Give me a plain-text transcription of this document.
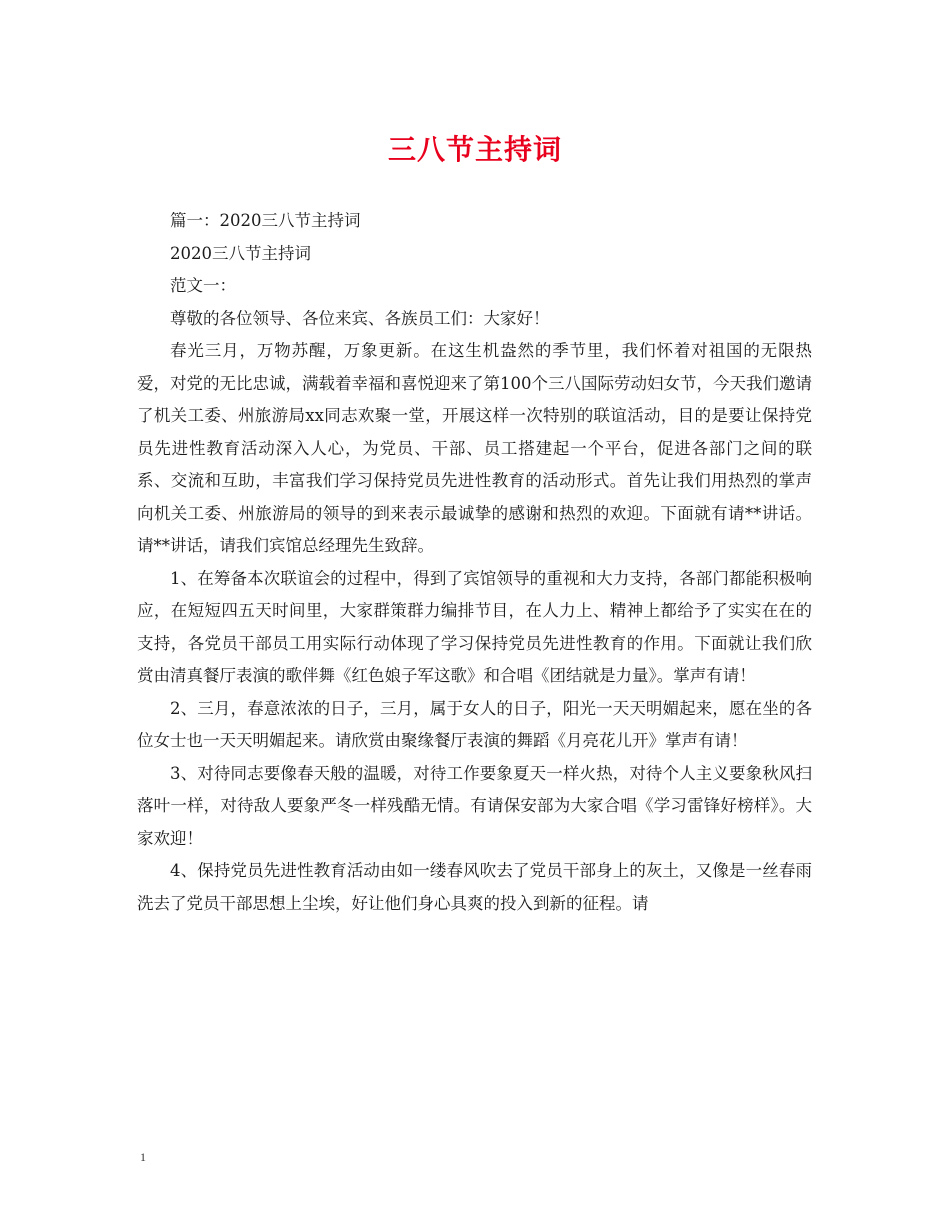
三八节主持词

篇一：2020三八节主持词

2020三八节主持词

范文一：

尊敬的各位领导、各位来宾、各族员工们：大家好！

春光三月，万物苏醒，万象更新。在这生机盎然的季节里，我们怀着对祖国的无限热爱，对党的无比忠诚，满载着幸福和喜悦迎来了第100个三八国际劳动妇女节，今天我们邀请了机关工委、州旅游局xx同志欢聚一堂，开展这样一次特别的联谊活动，目的是要让保持党员先进性教育活动深入人心，为党员、干部、员工搭建起一个平台，促进各部门之间的联系、交流和互助，丰富我们学习保持党员先进性教育的活动形式。首先让我们用热烈的掌声向机关工委、州旅游局的领导的到来表示最诚挚的感谢和热烈的欢迎。下面就有请**讲话。请**讲话，请我们宾馆总经理先生致辞。

1、在筹备本次联谊会的过程中，得到了宾馆领导的重视和大力支持，各部门都能积极响应，在短短四五天时间里，大家群策群力编排节目，在人力上、精神上都给予了实实在在的支持，各党员干部员工用实际行动体现了学习保持党员先进性教育的作用。下面就让我们欣赏由清真餐厅表演的歌伴舞《红色娘子军这歌》和合唱《团结就是力量》。掌声有请！

2、三月，春意浓浓的日子，三月，属于女人的日子，阳光一天天明媚起来，愿在坐的各位女士也一天天明媚起来。请欣赏由聚缘餐厅表演的舞蹈《月亮花儿开》掌声有请！

3、对待同志要像春天般的温暖，对待工作要象夏天一样火热，对待个人主义要象秋风扫落叶一样，对待敌人要象严冬一样残酷无情。有请保安部为大家合唱《学习雷锋好榜样》。大家欢迎！

4、保持党员先进性教育活动由如一缕春风吹去了党员干部身上的灰土，又像是一丝春雨洗去了党员干部思想上尘埃，好让他们身心具爽的投入到新的征程。请

1
